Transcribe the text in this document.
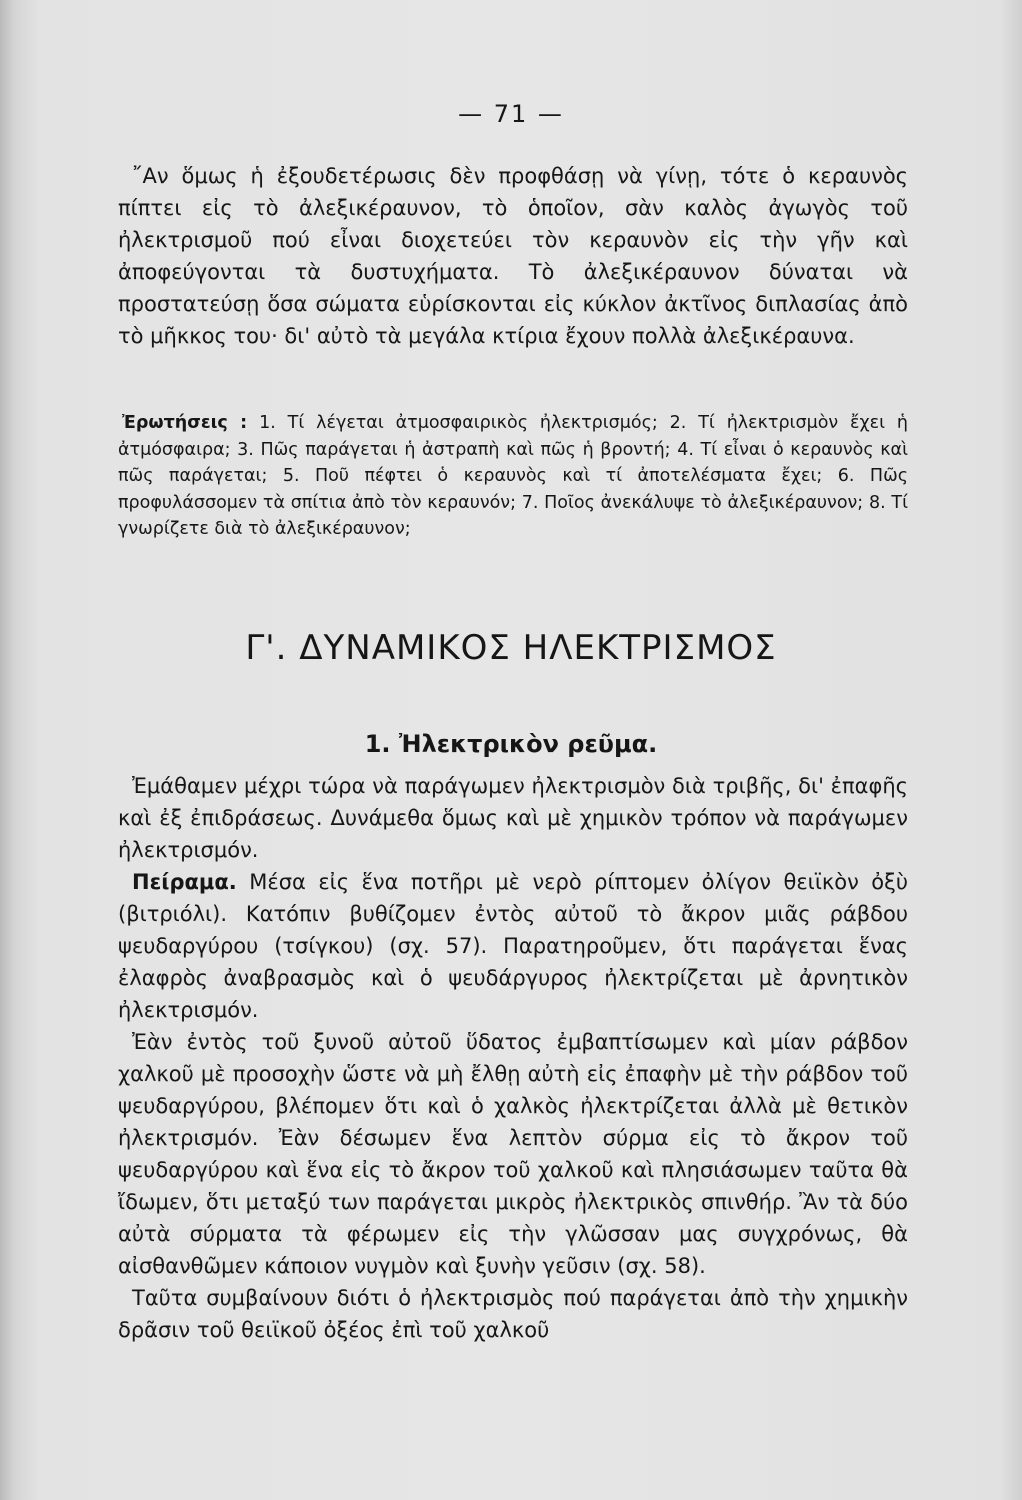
— 71 —

῎Αν ὅμως ἡ ἐξουδετέρωσις δὲν προφθάσῃ νὰ γίνῃ, τότε ὁ κεραυνὸς πίπτει εἰς τὸ ἀλεξικέραυνον, τὸ ὁποῖον, σὰν καλὸς ἀγωγὸς τοῦ ἠλεκτρισμοῦ πού εἶναι διοχετεύει τὸν κεραυνὸν εἰς τὴν γῆν καὶ ἀποφεύγονται τὰ δυστυχήματα. Τὸ ἀλεξικέραυνον δύναται νὰ προστατεύσῃ ὅσα σώματα εὑρίσκονται εἰς κύκλον ἀκτῖνος διπλασίας ἀπὸ τὸ μῆκκος του· δι' αὐτὸ τὰ μεγάλα κτίρια ἔχουν πολλὰ ἀλεξικέραυνα.

Ἐρωτήσεις : 1. Τί λέγεται ἀτμοσφαιρικὸς ἠλεκτρισμός; 2. Τί ἠλεκτρισμὸν ἔχει ἡ ἀτμόσφαιρα; 3. Πῶς παράγεται ἡ ἀστραπὴ καὶ πῶς ἡ βροντή; 4. Τί εἶναι ὁ κεραυνὸς καὶ πῶς παράγεται; 5. Ποῦ πέφτει ὁ κεραυνὸς καὶ τί ἀποτελέσματα ἔχει; 6. Πῶς προφυλάσσομεν τὰ σπίτια ἀπὸ τὸν κεραυνόν; 7. Ποῖος ἀνεκάλυψε τὸ ἀλεξικέραυνον; 8. Τί γνωρίζετε διὰ τὸ ἀλεξικέραυνον;

Γ'. ΔΥΝΑΜΙΚΟΣ ΗΛΕΚΤΡΙΣΜΟΣ
1. Ἠλεκτρικὸν ρεῦμα.

Ἐμάθαμεν μέχρι τώρα νὰ παράγωμεν ἠλεκτρισμὸν διὰ τριβῆς, δι' ἐπαφῆς καὶ ἐξ ἐπιδράσεως. Δυνάμεθα ὅμως καὶ μὲ χημικὸν τρόπον νὰ παράγωμεν ἠλεκτρισμόν.

Πείραμα. Μέσα εἰς ἕνα ποτῆρι μὲ νερὸ ρίπτομεν ὀλίγον θειϊκὸν ὀξὺ (βιτριόλι). Κατόπιν βυθίζομεν ἐντὸς αὐτοῦ τὸ ἄκρον μιᾶς ράβδου ψευδαργύρου (τσίγκου) (σχ. 57). Παρατηροῦμεν, ὅτι παράγεται ἕνας ἐλαφρὸς ἀναβρασμὸς καὶ ὁ ψευδάργυρος ἠλεκτρίζεται μὲ ἀρνητικὸν ἠλεκτρισμόν.

Ἐὰν ἐντὸς τοῦ ξυνοῦ αὐτοῦ ὕδατος ἐμβαπτίσωμεν καὶ μίαν ράβδον χαλκοῦ μὲ προσοχὴν ὥστε νὰ μὴ ἔλθῃ αὐτὴ εἰς ἐπαφὴν μὲ τὴν ράβδον τοῦ ψευδαργύρου, βλέπομεν ὅτι καὶ ὁ χαλκὸς ἠλεκτρίζεται ἀλλὰ μὲ θετικὸν ἠλεκτρισμόν. Ἐὰν δέσωμεν ἕνα λεπτὸν σύρμα εἰς τὸ ἄκρον τοῦ ψευδαργύρου καὶ ἕνα εἰς τὸ ἄκρον τοῦ χαλκοῦ καὶ πλησιάσωμεν ταῦτα θὰ ἴδωμεν, ὅτι μεταξύ των παράγεται μικρὸς ἠλεκτρικὸς σπινθήρ. Ἂν τὰ δύο αὐτὰ σύρματα τὰ φέρωμεν εἰς τὴν γλῶσσαν μας συγχρόνως, θὰ αἰσθανθῶμεν κάποιον νυγμὸν καὶ ξυνὴν γεῦσιν (σχ. 58).

Ταῦτα συμβαίνουν διότι ὁ ἠλεκτρισμὸς πού παράγεται ἀπὸ τὴν χημικὴν δρᾶσιν τοῦ θειϊκοῦ ὀξέος ἐπὶ τοῦ χαλκοῦ
